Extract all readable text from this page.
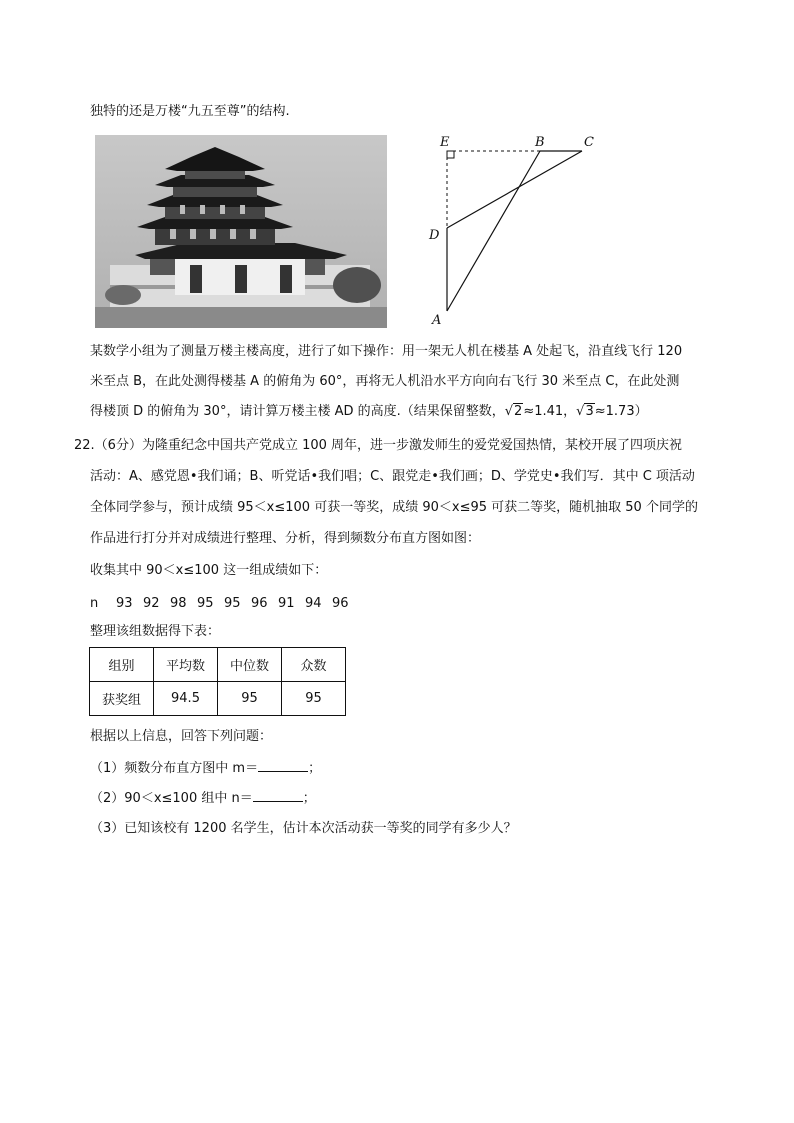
独特的还是万楼“九五至尊”的结构.
E	B	C
D
A
某数学小组为了测量万楼主楼高度，进行了如下操作：用一架无人机在楼基 A 处起飞，沿直线飞行 120
米至点 B，在此处测得楼基 A 的俯角为 60°，再将无人机沿水平方向向右飞行 30 米至点 C，在此处测
得楼顶 D 的俯角为 30°，请计算万楼主楼 AD 的高度.（结果保留整数，√2≈1.41，√3≈1.73）
22.（6分）为隆重纪念中国共产党成立 100 周年，进一步激发师生的爱党爱国热情，某校开展了四项庆祝
活动：A、感党恩•我们诵；B、听党话•我们唱；C、跟党走•我们画；D、学党史•我们写．其中 C 项活动
全体同学参与，预计成绩 95＜x≤100 可获一等奖，成绩 90＜x≤95 可获二等奖，随机抽取 50 个同学的
作品进行打分并对成绩进行整理、分析，得到频数分布直方图如图：
收集其中 90＜x≤100 这一组成绩如下：
n 93 92 98 95 95 96 91 94 96
整理该组数据得下表：
组别	平均数	中位数	众数
获奖组	94.5	95	95
根据以上信息，回答下列问题：
（1）频数分布直方图中 m＝	；
（2）90＜x≤100 组中 n＝	；
（3）已知该校有 1200 名学生，估计本次活动获一等奖的同学有多少人？
